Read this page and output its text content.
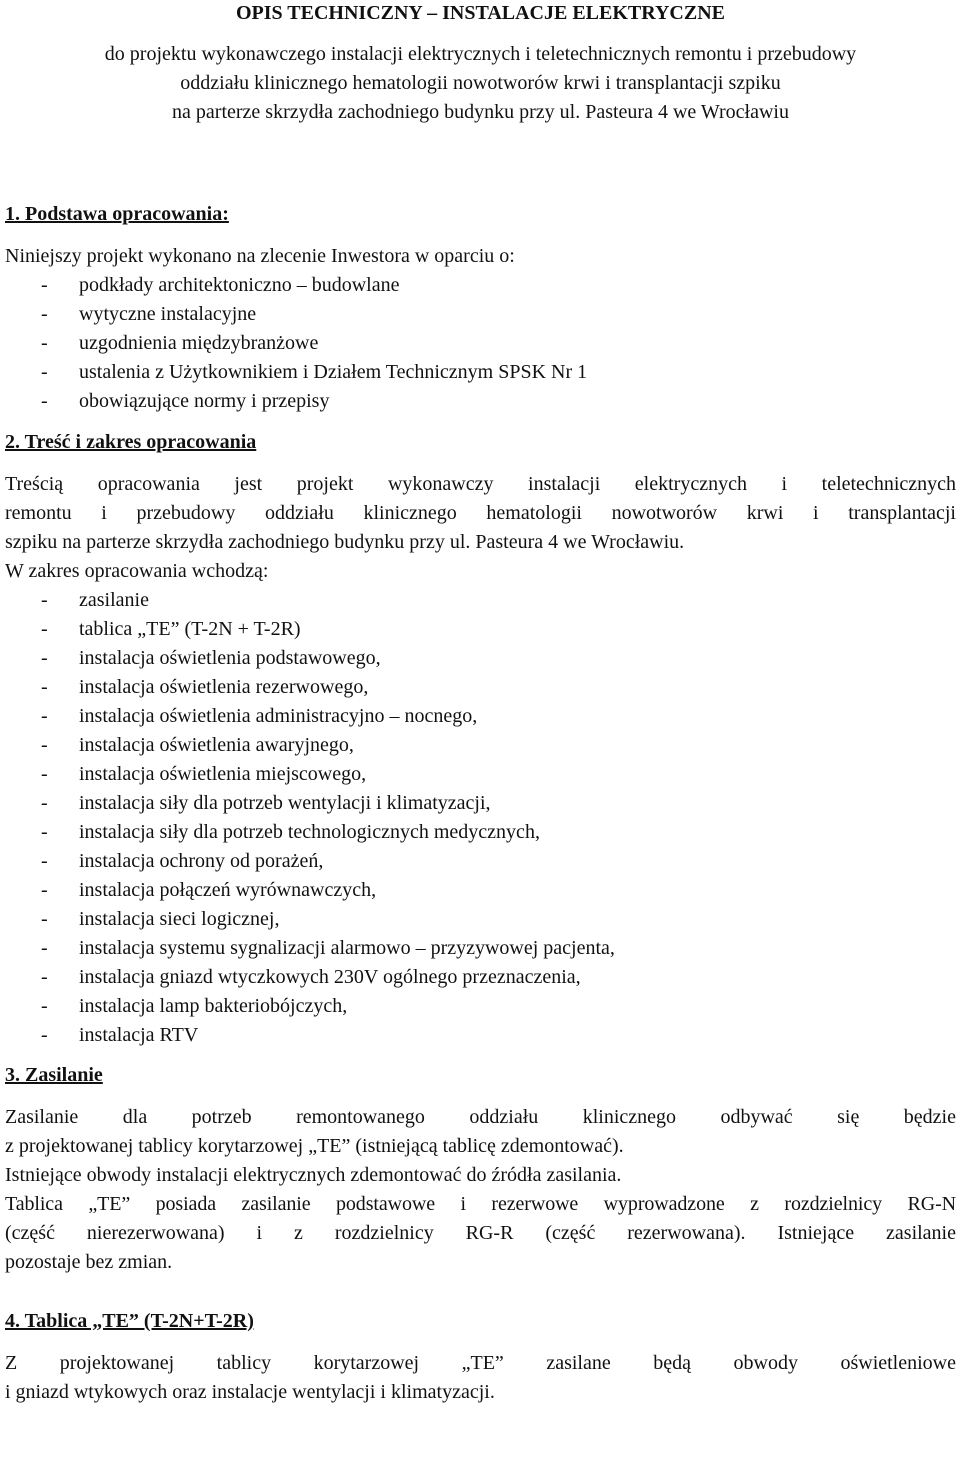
OPIS TECHNICZNY – INSTALACJE ELEKTRYCZNE
do projektu wykonawczego instalacji elektrycznych i teletechnicznych remontu i przebudowy
oddziału klinicznego hematologii nowotworów krwi i transplantacji szpiku
na parterze skrzydła zachodniego budynku przy ul. Pasteura 4 we Wrocławiu
1. Podstawa opracowania:

Niniejszy projekt wykonano na zlecenie Inwestora w oparciu o:

- podkłady architektoniczno – budowlane
- wytyczne instalacyjne
- uzgodnienia międzybranżowe
- ustalenia z Użytkownikiem i Działem Technicznym SPSK Nr 1
- obowiązujące normy i przepisy
2. Treść i zakres opracowania
Treścią opracowania jest projekt wykonawczy instalacji elektrycznych i teletechnicznych
remontu i przebudowy oddziału klinicznego hematologii nowotworów krwi i transplantacji
szpiku na parterze skrzydła zachodniego budynku przy ul. Pasteura 4 we Wrocławiu.

W zakres opracowania wchodzą:

- zasilanie
- tablica „TE” (T-2N + T-2R)
- instalacja oświetlenia podstawowego,
- instalacja oświetlenia rezerwowego,
- instalacja oświetlenia administracyjno – nocnego,
- instalacja oświetlenia awaryjnego,
- instalacja oświetlenia miejscowego,
- instalacja siły dla potrzeb wentylacji i klimatyzacji,
- instalacja siły dla potrzeb technologicznych medycznych,
- instalacja ochrony od porażeń,
- instalacja połączeń wyrównawczych,
- instalacja sieci logicznej,
- instalacja systemu sygnalizacji alarmowo – przyzywowej pacjenta,
- instalacja gniazd wtyczkowych 230V ogólnego przeznaczenia,
- instalacja lamp bakteriobójczych,
- instalacja RTV
3. Zasilanie
Zasilanie dla potrzeb remontowanego oddziału klinicznego odbywać się będzie
z projektowanej tablicy korytarzowej „TE” (istniejącą tablicę zdemontować).

Istniejące obwody instalacji elektrycznych zdemontować do źródła zasilania.

Tablica „TE” posiada zasilanie podstawowe i rezerwowe wyprowadzone z rozdzielnicy RG-N
(część nierezerwowana) i z rozdzielnicy RG-R (część rezerwowana). Istniejące zasilanie
pozostaje bez zmian.
4. Tablica „TE” (T-2N+T-2R)
Z projektowanej tablicy korytarzowej „TE” zasilane będą obwody oświetleniowe
i gniazd wtykowych oraz instalacje wentylacji i klimatyzacji.
